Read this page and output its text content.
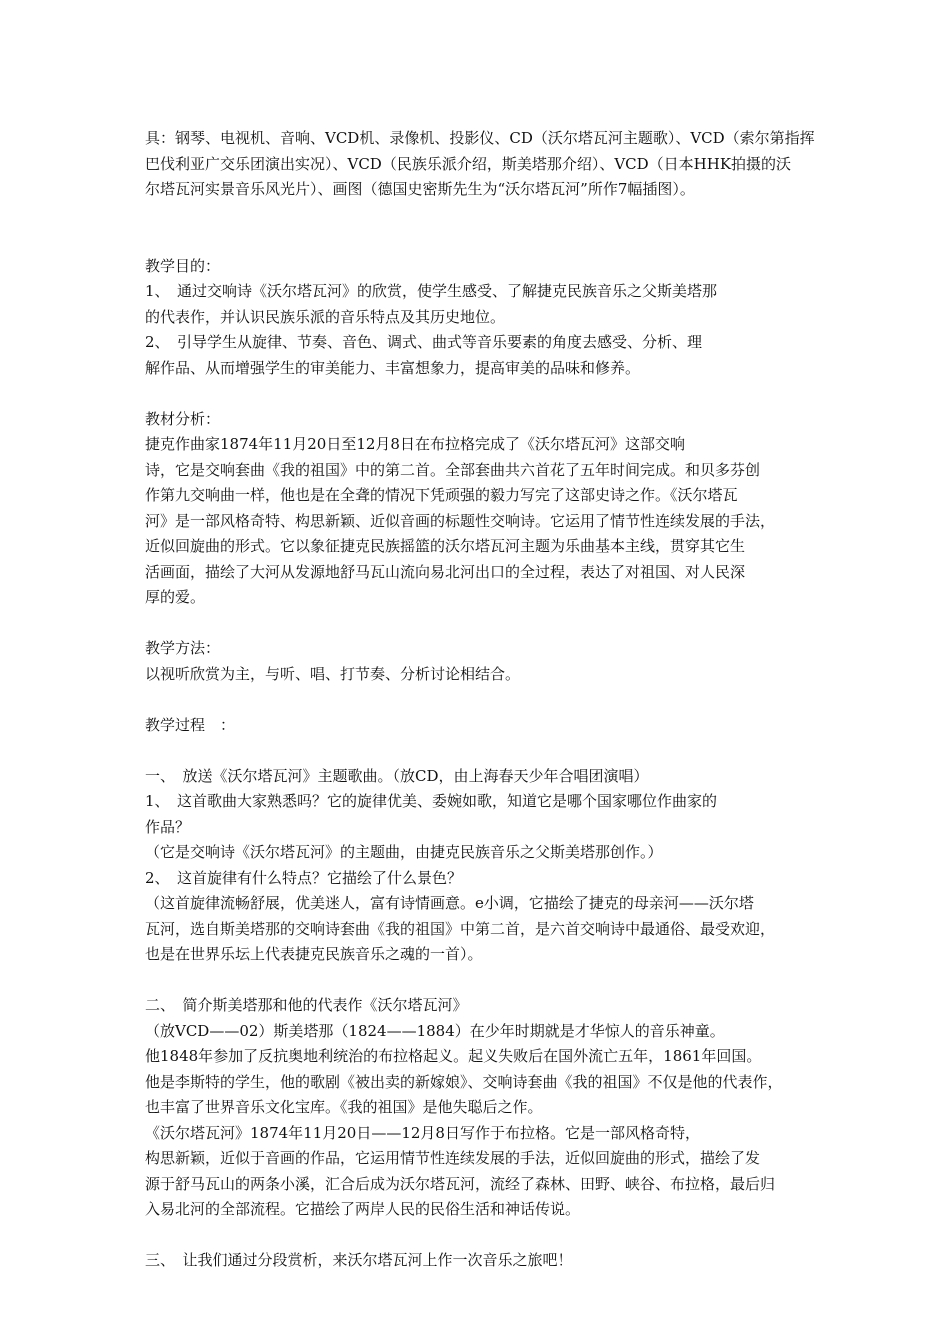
具：钢琴、电视机、音响、VCD机、录像机、投影仪、CD（沃尔塔瓦河主题歌）、VCD（索尔第指挥
巴伐利亚广交乐团演出实况）、VCD（民族乐派介绍，斯美塔那介绍）、VCD（日本HHK拍摄的沃
尔塔瓦河实景音乐风光片）、画图（德国史密斯先生为“沃尔塔瓦河”所作7幅插图）。
教学目的：
1、　通过交响诗《沃尔塔瓦河》的欣赏，使学生感受、了解捷克民族音乐之父斯美塔那
的代表作，并认识民族乐派的音乐特点及其历史地位。
2、　引导学生从旋律、节奏、音色、调式、曲式等音乐要素的角度去感受、分析、理
解作品、从而增强学生的审美能力、丰富想象力，提高审美的品味和修养。
教材分析：
捷克作曲家1874年11月20日至12月8日在布拉格完成了《沃尔塔瓦河》这部交响
诗，它是交响套曲《我的祖国》中的第二首。全部套曲共六首花了五年时间完成。和贝多芬创
作第九交响曲一样，他也是在全聋的情况下凭顽强的毅力写完了这部史诗之作。《沃尔塔瓦
河》是一部风格奇特、构思新颖、近似音画的标题性交响诗。它运用了情节性连续发展的手法，
近似回旋曲的形式。它以象征捷克民族摇篮的沃尔塔瓦河主题为乐曲基本主线，贯穿其它生
活画面，描绘了大河从发源地舒马瓦山流向易北河出口的全过程，表达了对祖国、对人民深
厚的爱。
教学方法：
以视听欣赏为主，与听、唱、打节奏、分析讨论相结合。
教学过程　：
一、　放送《沃尔塔瓦河》主题歌曲。（放CD，由上海春天少年合唱团演唱）
1、　这首歌曲大家熟悉吗？它的旋律优美、委婉如歌，知道它是哪个国家哪位作曲家的
作品？
（它是交响诗《沃尔塔瓦河》的主题曲，由捷克民族音乐之父斯美塔那创作。）
2、　这首旋律有什么特点？它描绘了什么景色？
（这首旋律流畅舒展，优美迷人，富有诗情画意。e小调，它描绘了捷克的母亲河——沃尔塔
瓦河，选自斯美塔那的交响诗套曲《我的祖国》中第二首，是六首交响诗中最通俗、最受欢迎，
也是在世界乐坛上代表捷克民族音乐之魂的一首）。
二、　简介斯美塔那和他的代表作《沃尔塔瓦河》
（放VCD——02）斯美塔那（1824——1884）在少年时期就是才华惊人的音乐神童。
他1848年参加了反抗奥地利统治的布拉格起义。起义失败后在国外流亡五年，1861年回国。
他是李斯特的学生，他的歌剧《被出卖的新嫁娘》、交响诗套曲《我的祖国》不仅是他的代表作，
也丰富了世界音乐文化宝库。《我的祖国》是他失聪后之作。
《沃尔塔瓦河》1874年11月20日——12月8日写作于布拉格。它是一部风格奇特，
构思新颖，近似于音画的作品，它运用情节性连续发展的手法，近似回旋曲的形式，描绘了发
源于舒马瓦山的两条小溪，汇合后成为沃尔塔瓦河，流经了森林、田野、峡谷、布拉格，最后归
入易北河的全部流程。它描绘了两岸人民的民俗生活和神话传说。
三、　让我们通过分段赏析，来沃尔塔瓦河上作一次音乐之旅吧！
